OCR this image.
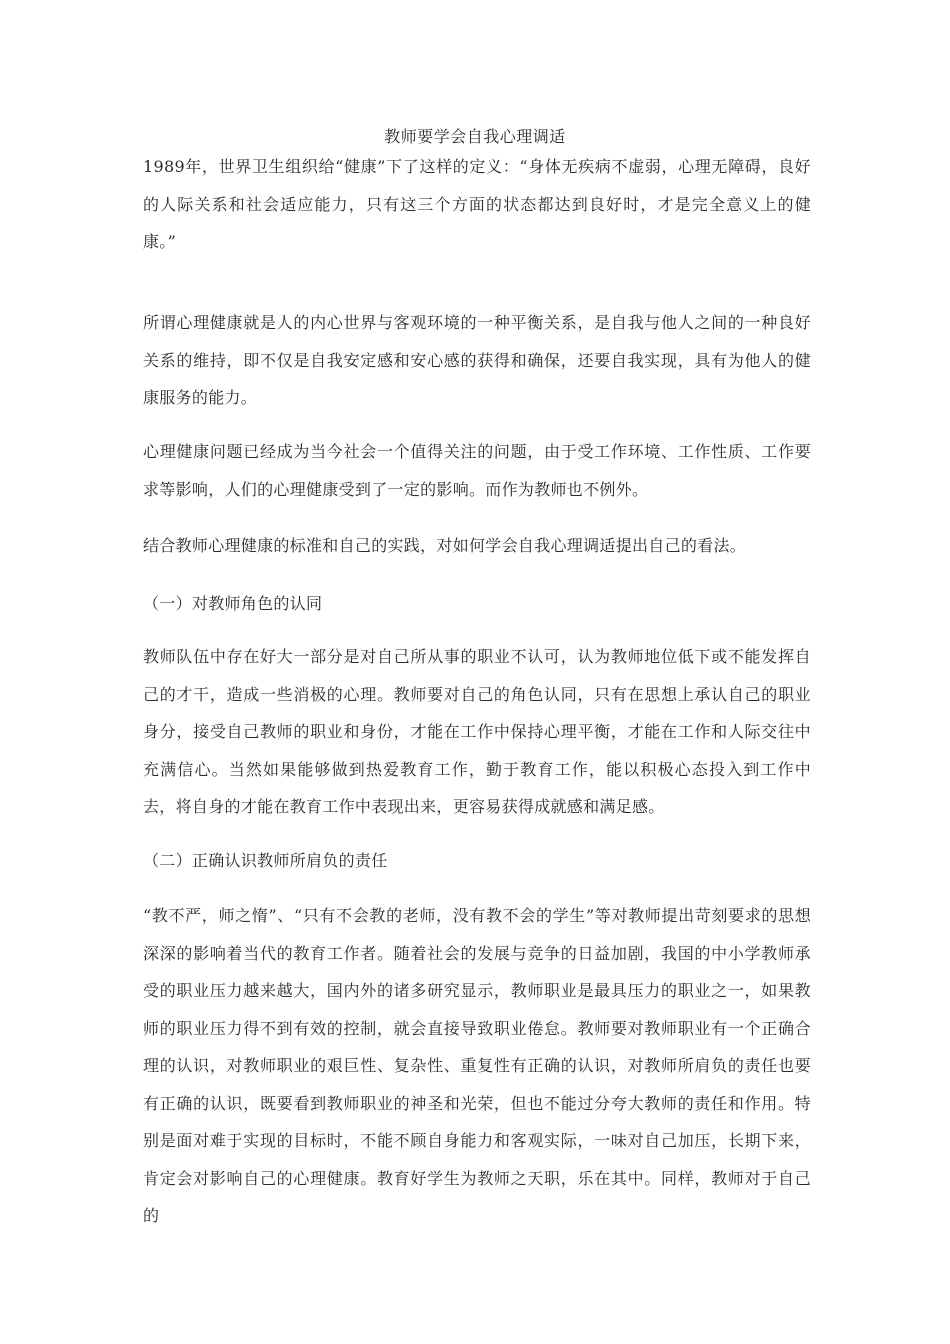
教师要学会自我心理调适

1989年，世界卫生组织给“健康”下了这样的定义：“身体无疾病不虚弱，心理无障碍，良好的人际关系和社会适应能力，只有这三个方面的状态都达到良好时，才是完全意义上的健康。”

所谓心理健康就是人的内心世界与客观环境的一种平衡关系，是自我与他人之间的一种良好关系的维持，即不仅是自我安定感和安心感的获得和确保，还要自我实现，具有为他人的健康服务的能力。

心理健康问题已经成为当今社会一个值得关注的问题，由于受工作环境、工作性质、工作要求等影响，人们的心理健康受到了一定的影响。而作为教师也不例外。

结合教师心理健康的标准和自己的实践，对如何学会自我心理调适提出自己的看法。

（一）对教师角色的认同

教师队伍中存在好大一部分是对自己所从事的职业不认可，认为教师地位低下或不能发挥自己的才干，造成一些消极的心理。教师要对自己的角色认同，只有在思想上承认自己的职业身分，接受自己教师的职业和身份，才能在工作中保持心理平衡，才能在工作和人际交往中充满信心。当然如果能够做到热爱教育工作，勤于教育工作，能以积极心态投入到工作中去，将自身的才能在教育工作中表现出来，更容易获得成就感和满足感。

（二）正确认识教师所肩负的责任

“教不严，师之惰”、“只有不会教的老师，没有教不会的学生”等对教师提出苛刻要求的思想深深的影响着当代的教育工作者。随着社会的发展与竞争的日益加剧，我国的中小学教师承受的职业压力越来越大，国内外的诸多研究显示，教师职业是最具压力的职业之一，如果教师的职业压力得不到有效的控制，就会直接导致职业倦怠。教师要对教师职业有一个正确合理的认识，对教师职业的艰巨性、复杂性、重复性有正确的认识，对教师所肩负的责任也要有正确的认识，既要看到教师职业的神圣和光荣，但也不能过分夸大教师的责任和作用。特别是面对难于实现的目标时，不能不顾自身能力和客观实际，一味对自己加压，长期下来，肯定会对影响自己的心理健康。教育好学生为教师之天职，乐在其中。同样，教师对于自己的
